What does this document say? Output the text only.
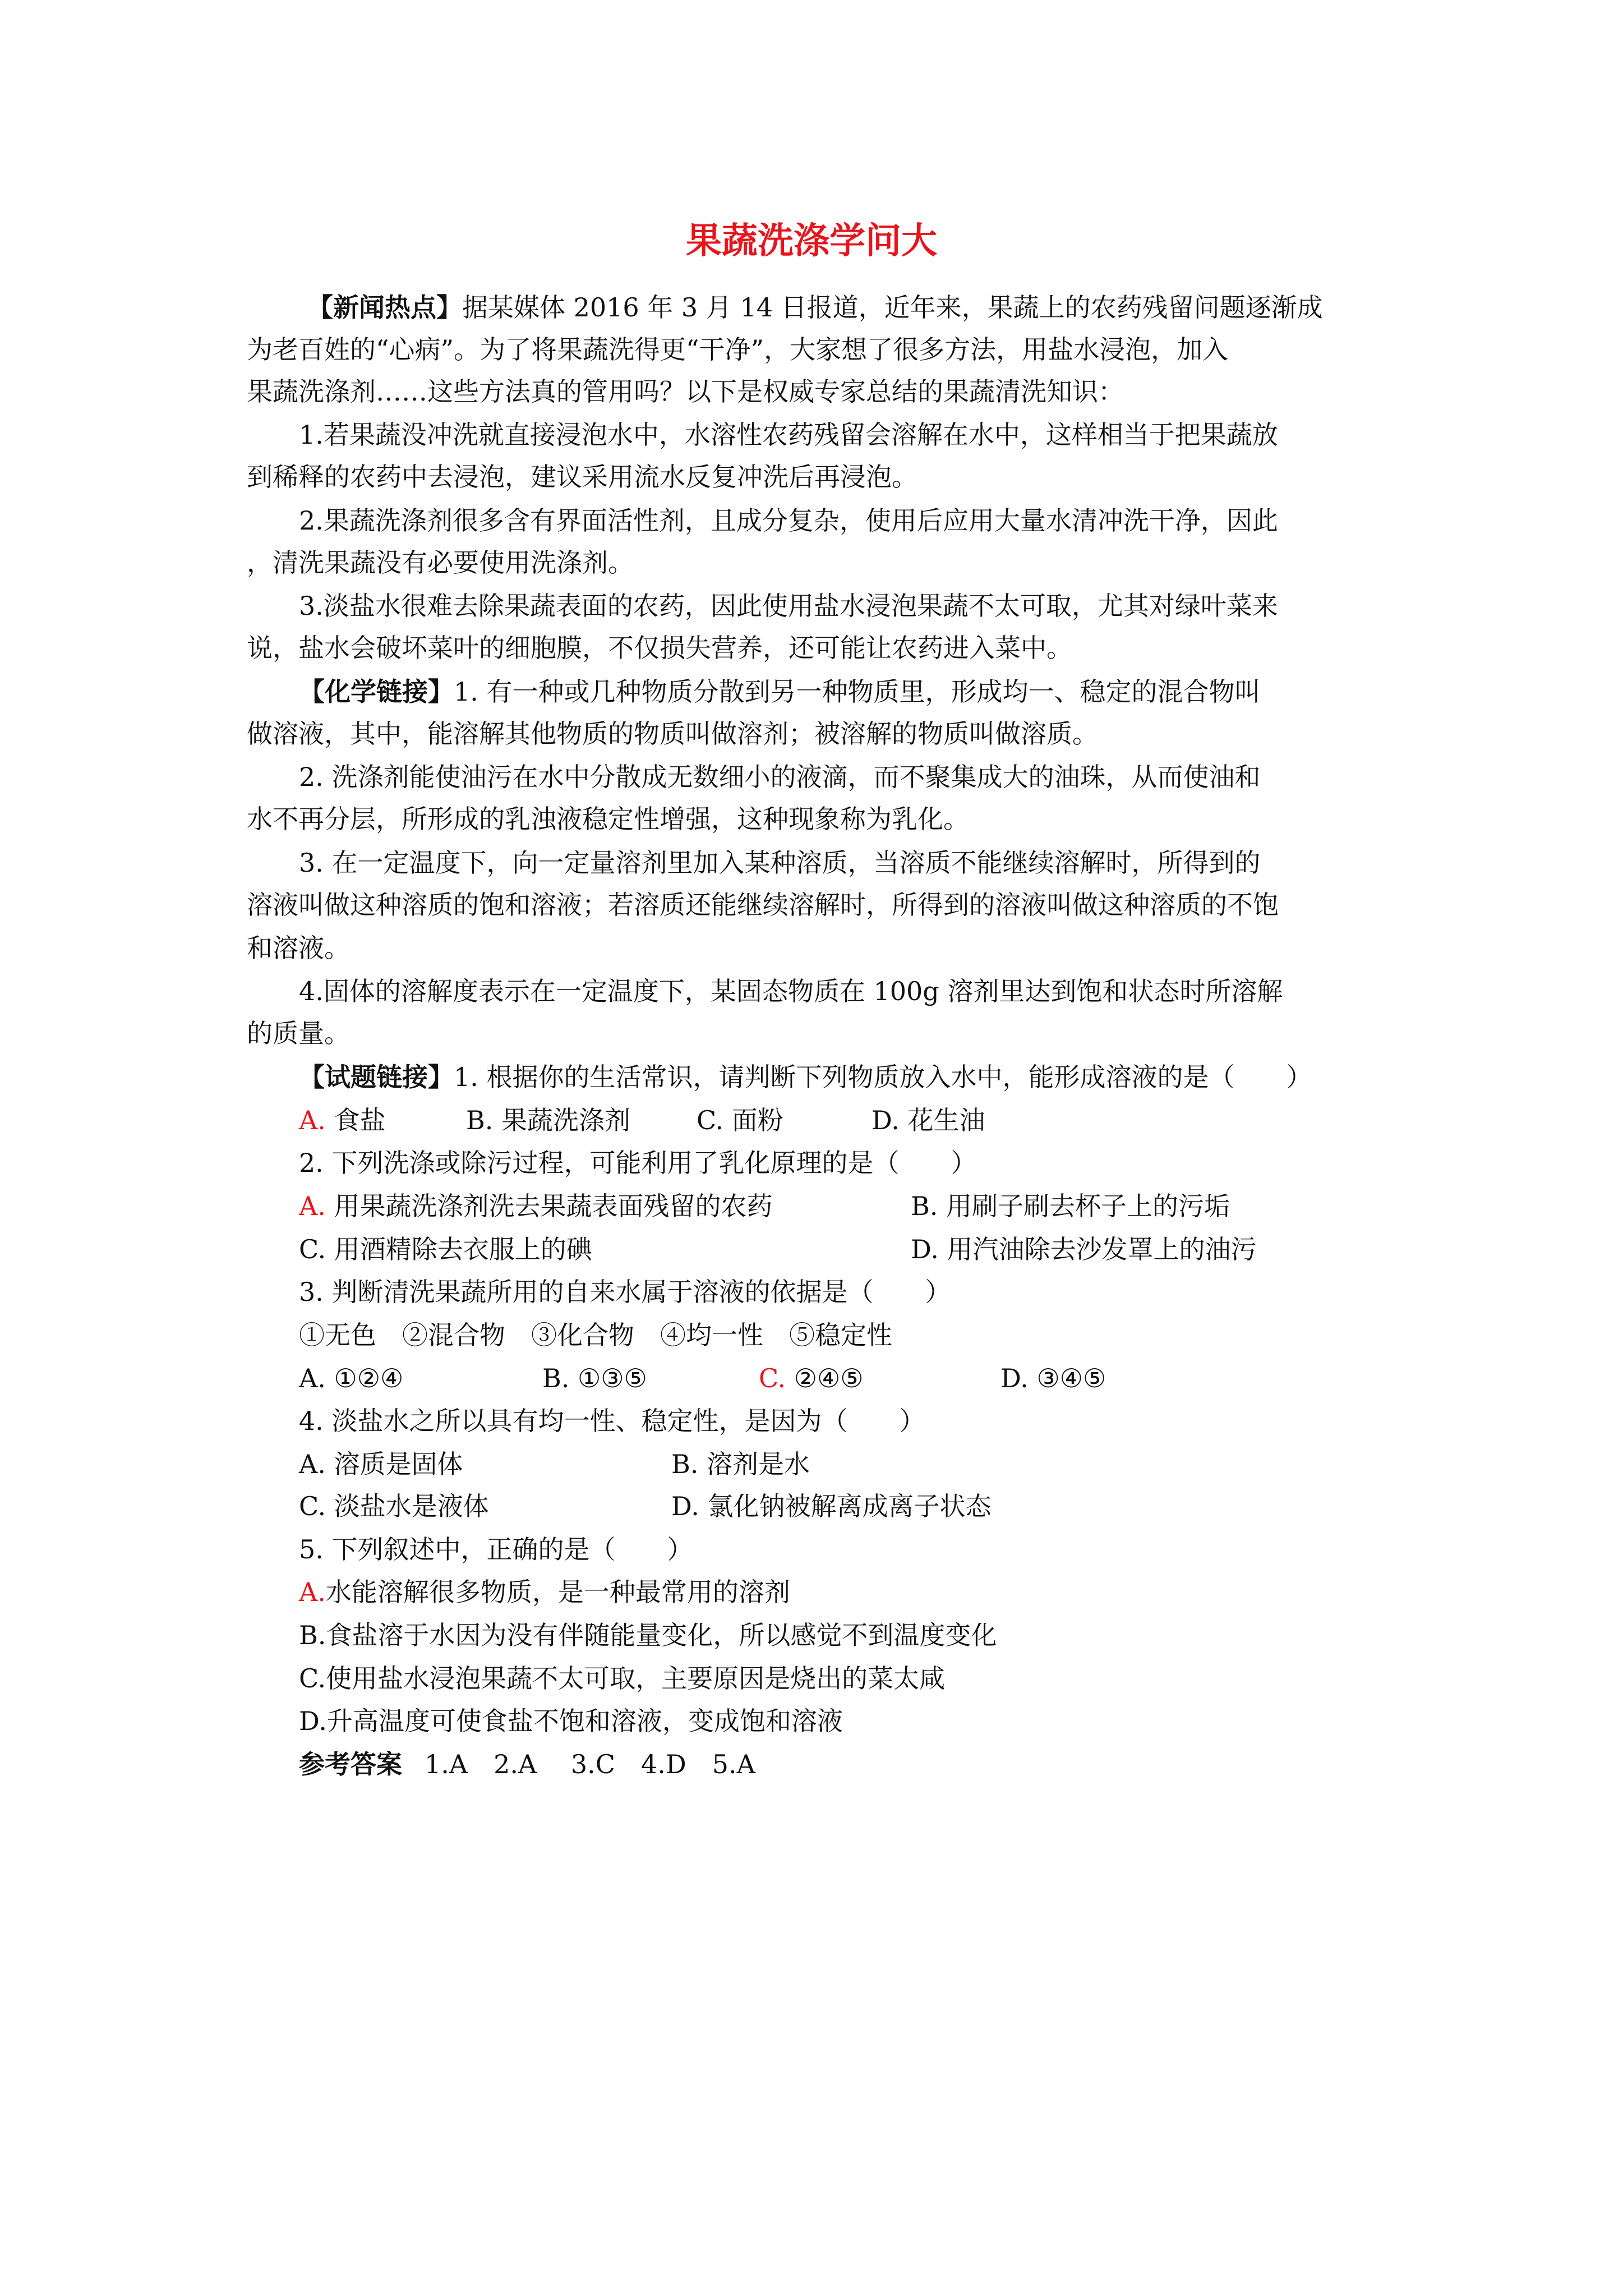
果蔬洗涤学问大
【新闻热点】据某媒体 2016 年 3 月 14 日报道，近年来，果蔬上的农药残留问题逐渐成
为老百姓的“心病”。为了将果蔬洗得更“干净”，大家想了很多方法，用盐水浸泡，加入
果蔬洗涤剂……这些方法真的管用吗？以下是权威专家总结的果蔬清洗知识：
1.若果蔬没冲洗就直接浸泡水中，水溶性农药残留会溶解在水中，这样相当于把果蔬放
到稀释的农药中去浸泡，建议采用流水反复冲洗后再浸泡。
2.果蔬洗涤剂很多含有界面活性剂，且成分复杂，使用后应用大量水清冲洗干净，因此
，清洗果蔬没有必要使用洗涤剂。
3.淡盐水很难去除果蔬表面的农药，因此使用盐水浸泡果蔬不太可取，尤其对绿叶菜来
说，盐水会破坏菜叶的细胞膜，不仅损失营养，还可能让农药进入菜中。
【化学链接】1. 有一种或几种物质分散到另一种物质里，形成均一、稳定的混合物叫
做溶液，其中，能溶解其他物质的物质叫做溶剂；被溶解的物质叫做溶质。
2. 洗涤剂能使油污在水中分散成无数细小的液滴，而不聚集成大的油珠，从而使油和
水不再分层，所形成的乳浊液稳定性增强，这种现象称为乳化。
3. 在一定温度下，向一定量溶剂里加入某种溶质，当溶质不能继续溶解时，所得到的
溶液叫做这种溶质的饱和溶液；若溶质还能继续溶解时，所得到的溶液叫做这种溶质的不饱
和溶液。
4.固体的溶解度表示在一定温度下，某固态物质在 100g 溶剂里达到饱和状态时所溶解
的质量。
【试题链接】1. 根据你的生活常识，请判断下列物质放入水中，能形成溶液的是（　　）
A. 食盐	B. 果蔬洗涤剂	C. 面粉	D. 花生油
2. 下列洗涤或除污过程，可能利用了乳化原理的是（　　）
A. 用果蔬洗涤剂洗去果蔬表面残留的农药	B. 用刷子刷去杯子上的污垢
C. 用酒精除去衣服上的碘	D. 用汽油除去沙发罩上的油污
3. 判断清洗果蔬所用的自来水属于溶液的依据是（　　）
①无色　②混合物　③化合物　④均一性　⑤稳定性
A. ①②④	B. ①③⑤	C. ②④⑤	D. ③④⑤
4. 淡盐水之所以具有均一性、稳定性，是因为（　　）
A. 溶质是固体	B. 溶剂是水
C. 淡盐水是液体	D. 氯化钠被解离成离子状态
5. 下列叙述中，正确的是（　　）
A.水能溶解很多物质，是一种最常用的溶剂
B.食盐溶于水因为没有伴随能量变化，所以感觉不到温度变化
C.使用盐水浸泡果蔬不太可取，主要原因是烧出的菜太咸
D.升高温度可使食盐不饱和溶液，变成饱和溶液
参考答案 1.A　2.A　 3.C　4.D　5.A
